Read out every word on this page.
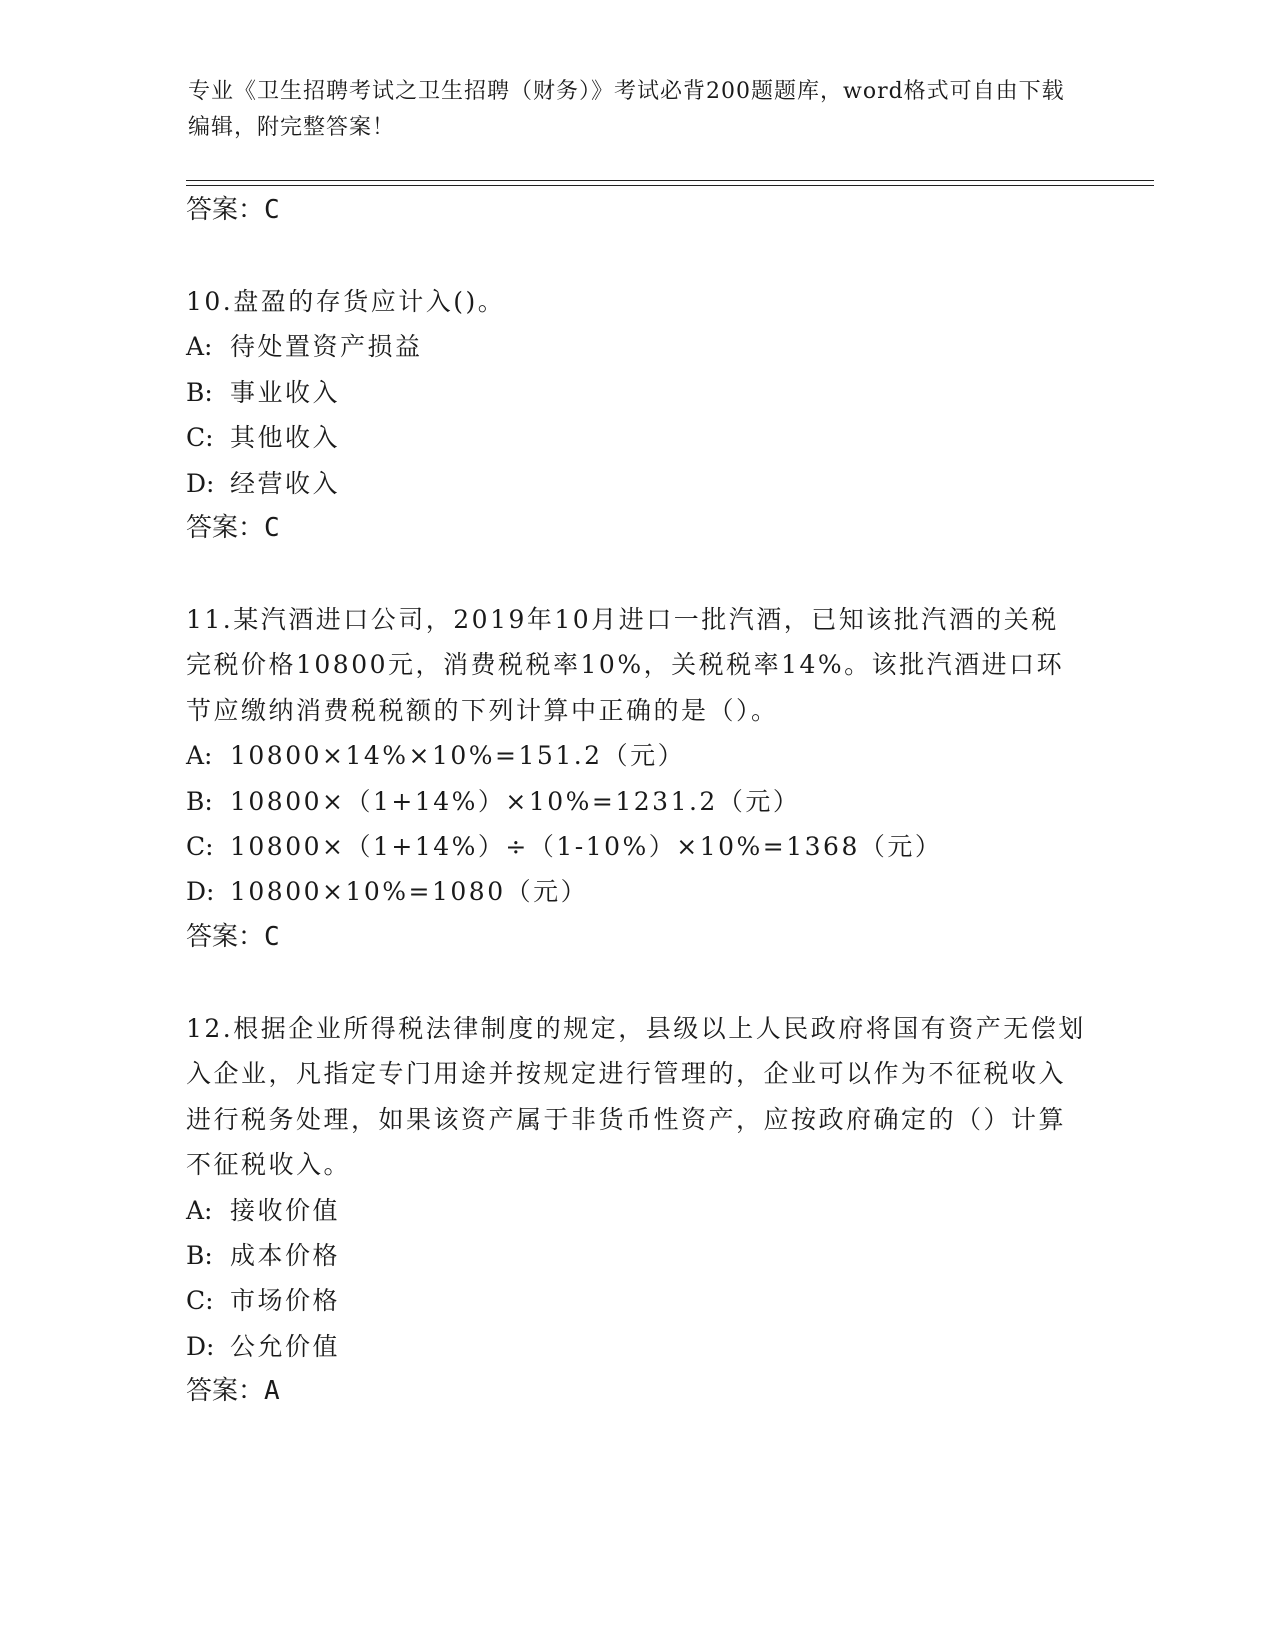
专业《卫生招聘考试之卫生招聘（财务）》考试必背200题题库，word格式可自由下载编辑，附完整答案！
答案：C

10.盘盈的存货应计入()。

A: 待处置资产损益

B: 事业收入

C: 其他收入

D: 经营收入

答案：C

11.某汽酒进口公司，2019年10月进口一批汽酒，已知该批汽酒的关税完税价格10800元，消费税税率10%，关税税率14%。该批汽酒进口环节应缴纳消费税税额的下列计算中正确的是（）。

A: 10800×14%×10%=151.2（元）

B: 10800×（1+14%）×10%=1231.2（元）

C: 10800×（1+14%）÷（1-10%）×10%=1368（元）

D: 10800×10%=1080（元）

答案：C

12.根据企业所得税法律制度的规定，县级以上人民政府将国有资产无偿划入企业，凡指定专门用途并按规定进行管理的，企业可以作为不征税收入进行税务处理，如果该资产属于非货币性资产，应按政府确定的（）计算不征税收入。

A: 接收价值

B: 成本价格

C: 市场价格

D: 公允价值

答案：A
